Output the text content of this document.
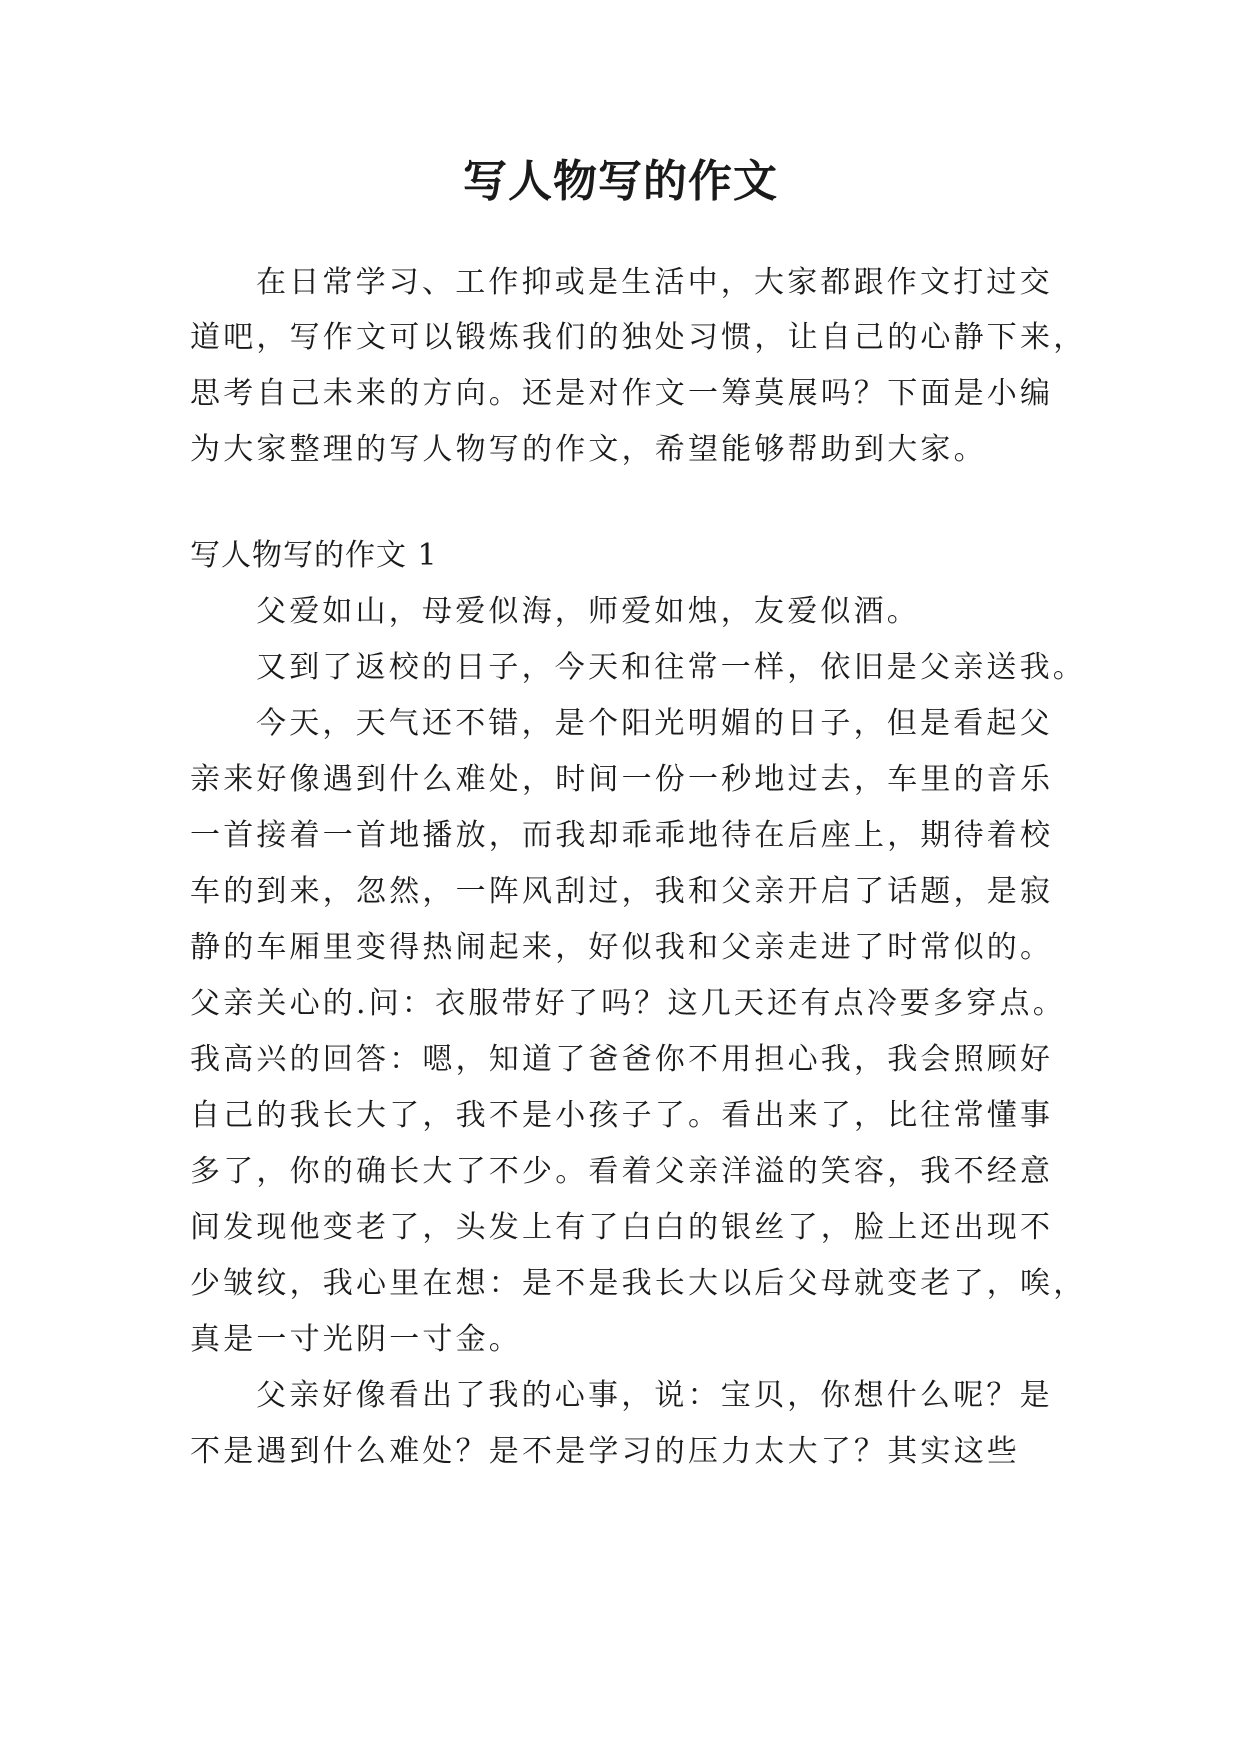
写人物写的作文
在日常学习、工作抑或是生活中，大家都跟作文打过交
道吧，写作文可以锻炼我们的独处习惯，让自己的心静下来，
思考自己未来的方向。还是对作文一筹莫展吗？下面是小编
为大家整理的写人物写的作文，希望能够帮助到大家。
写人物写的作文 1
父爱如山，母爱似海，师爱如烛，友爱似酒。
又到了返校的日子，今天和往常一样，依旧是父亲送我。
今天，天气还不错，是个阳光明媚的日子，但是看起父
亲来好像遇到什么难处，时间一份一秒地过去，车里的音乐
一首接着一首地播放，而我却乖乖地待在后座上，期待着校
车的到来，忽然，一阵风刮过，我和父亲开启了话题，是寂
静的车厢里变得热闹起来，好似我和父亲走进了时常似的。
父亲关心的.问：衣服带好了吗？这几天还有点冷要多穿点。
我高兴的回答：嗯，知道了爸爸你不用担心我，我会照顾好
自己的我长大了，我不是小孩子了。看出来了，比往常懂事
多了，你的确长大了不少。看着父亲洋溢的笑容，我不经意
间发现他变老了，头发上有了白白的银丝了，脸上还出现不
少皱纹，我心里在想：是不是我长大以后父母就变老了，唉，
真是一寸光阴一寸金。
父亲好像看出了我的心事，说：宝贝，你想什么呢？是
不是遇到什么难处？是不是学习的压力太大了？其实这些
